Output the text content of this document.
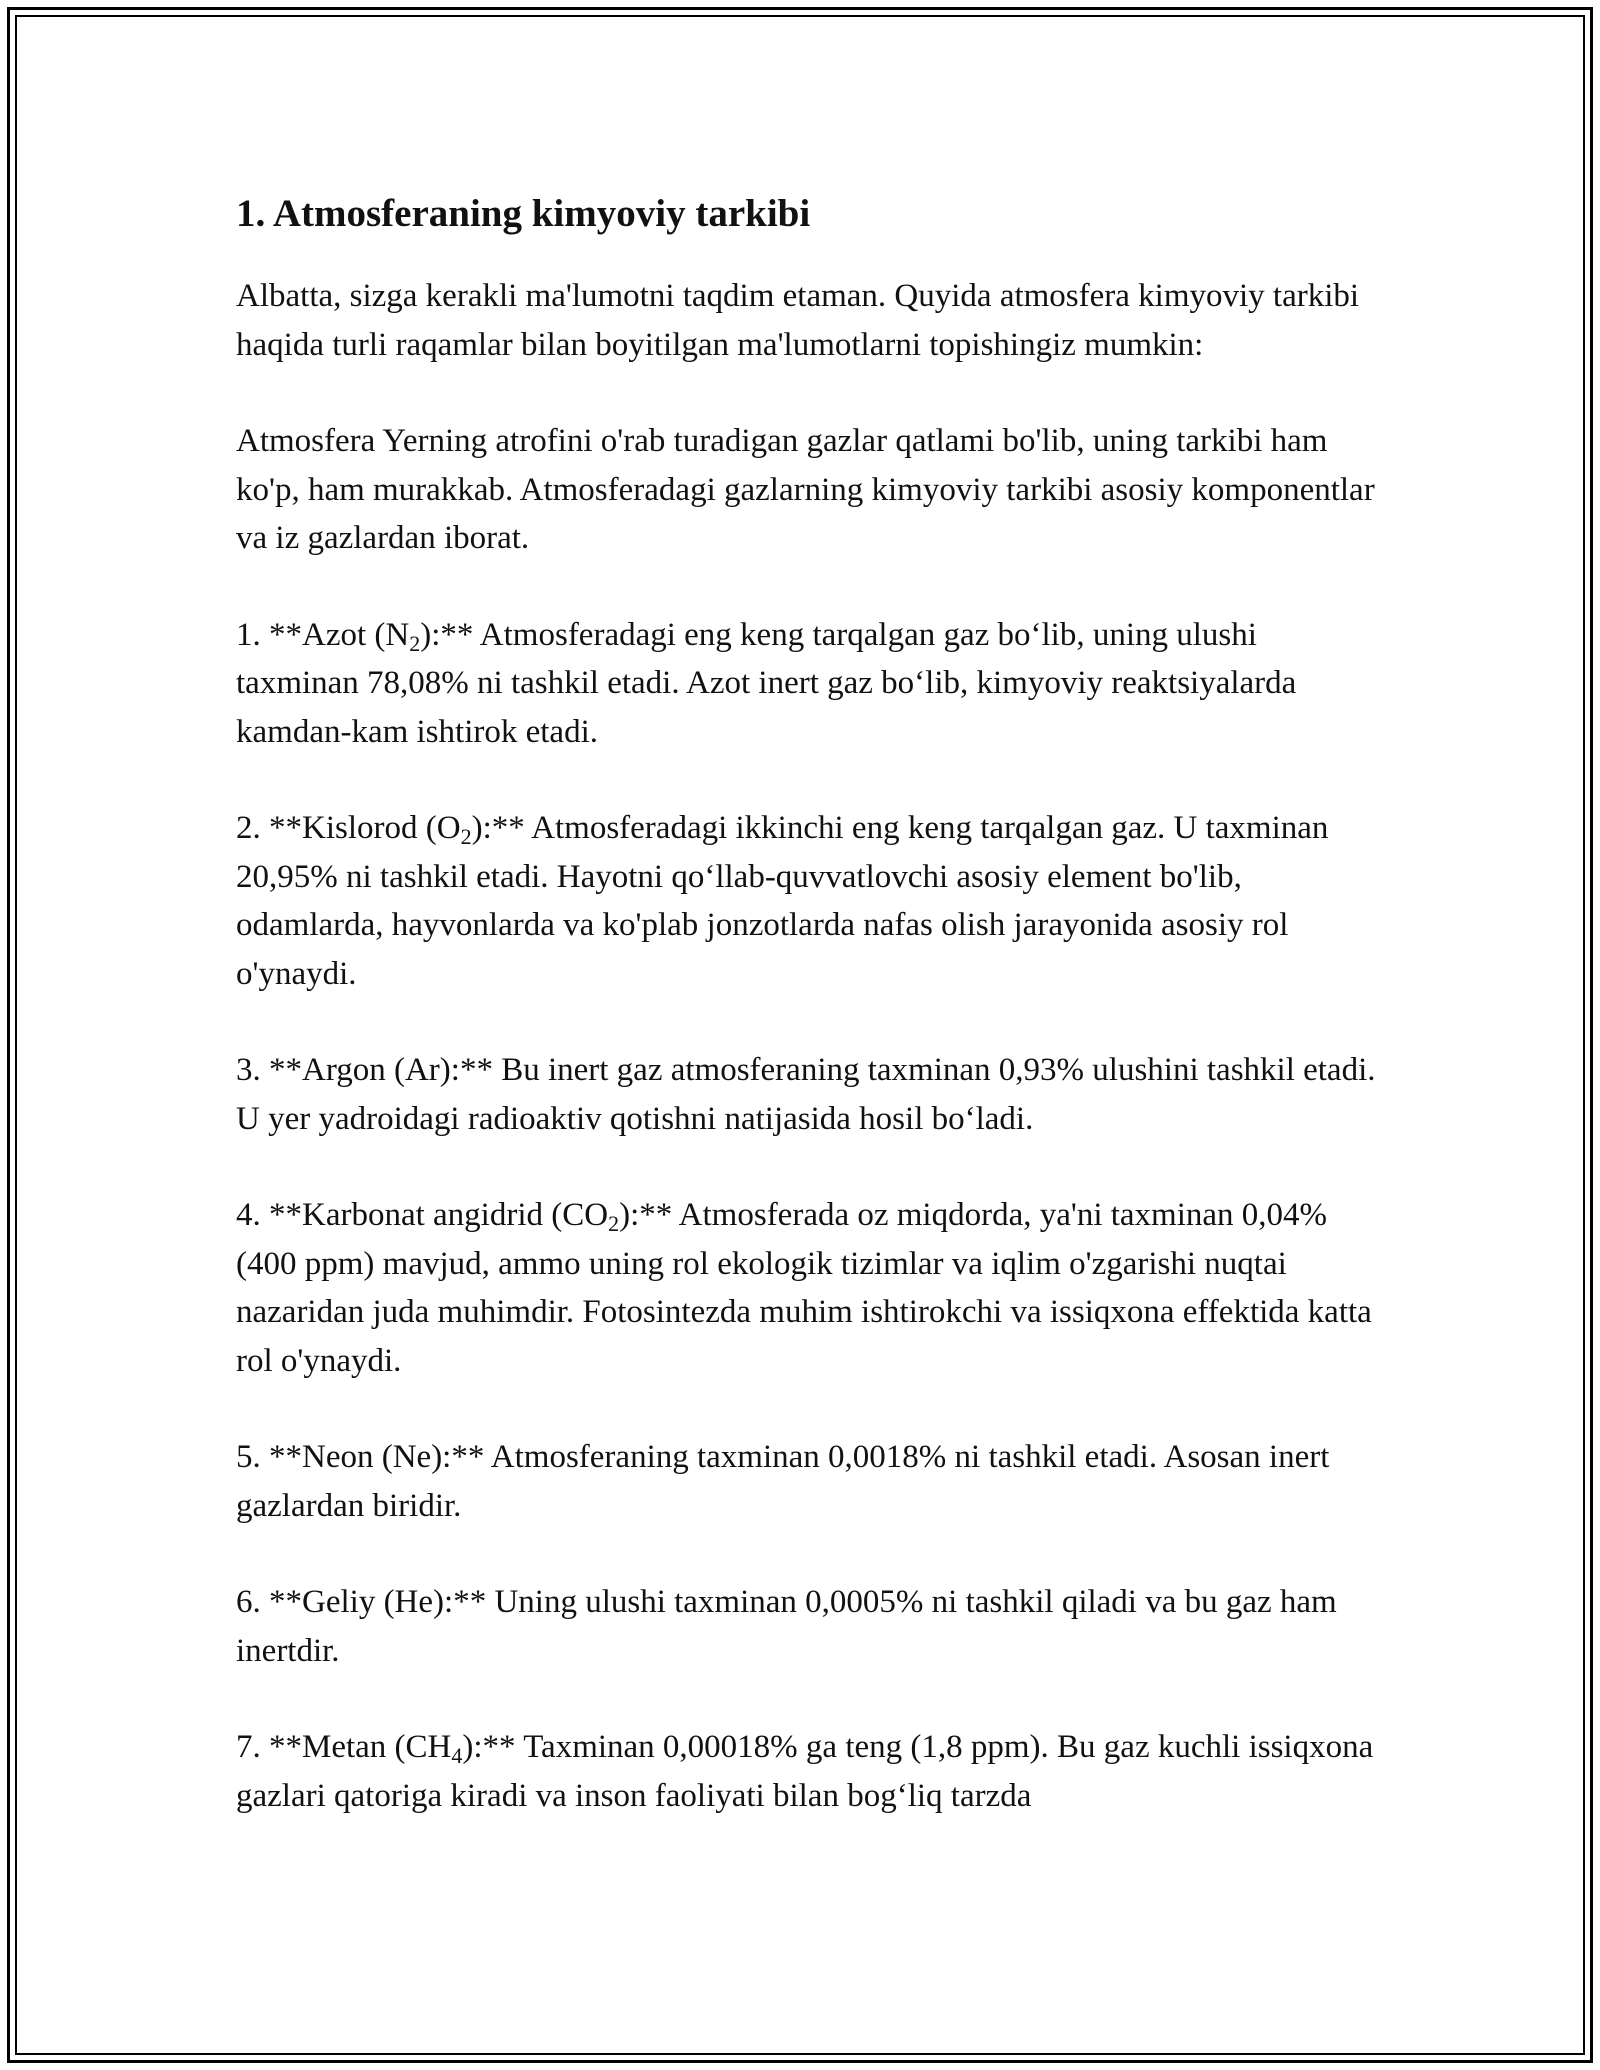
1. Atmosferaning kimyoviy tarkibi

Albatta, sizga kerakli ma'lumotni taqdim etaman. Quyida atmosfera kimyoviy tarkibi haqida turli raqamlar bilan boyitilgan ma'lumotlarni topishingiz mumkin:

Atmosfera Yerning atrofini o'rab turadigan gazlar qatlami bo'lib, uning tarkibi ham ko'p, ham murakkab. Atmosferadagi gazlarning kimyoviy tarkibi asosiy komponentlar va iz gazlardan iborat.

1. **Azot $(N_2):**$ Atmosferadagi eng keng tarqalgan gaz bo‘lib, uning ulushi taxminan 78,08% ni tashkil etadi. Azot inert gaz bo‘lib, kimyoviy reaktsiyalarda kamdan-kam ishtirok etadi.

2. **Kislorod $(O_2):**$ Atmosferadagi ikkinchi eng keng tarqalgan gaz. U taxminan 20,95% ni tashkil etadi. Hayotni qo‘llab-quvvatlovchi asosiy element bo'lib, odamlarda, hayvonlarda va ko'plab jonzotlarda nafas olish jarayonida asosiy rol o'ynaydi.

3. **Argon (Ar):** Bu inert gaz atmosferaning taxminan 0,93% ulushini tashkil etadi. U yer yadroidagi radioaktiv qotishni natijasida hosil bo‘ladi.

4. **Karbonat angidrid $(CO_2):**$ Atmosferada oz miqdorda, ya'ni taxminan 0,04% (400 ppm) mavjud, ammo uning rol ekologik tizimlar va iqlim o'zgarishi nuqtai nazaridan juda muhimdir. Fotosintezda muhim ishtirokchi va issiqxona effektida katta rol o'ynaydi.

5. **Neon (Ne):** Atmosferaning taxminan 0,0018% ni tashkil etadi. Asosan inert gazlardan biridir.

6. **Geliy (He):** Uning ulushi taxminan 0,0005% ni tashkil qiladi va bu gaz ham inertdir.

7. **Metan $(CH_4):**$ Taxminan 0,00018% ga teng (1,8 ppm). Bu gaz kuchli issiqxona gazlari qatoriga kiradi va inson faoliyati bilan bog‘liq tarzda
